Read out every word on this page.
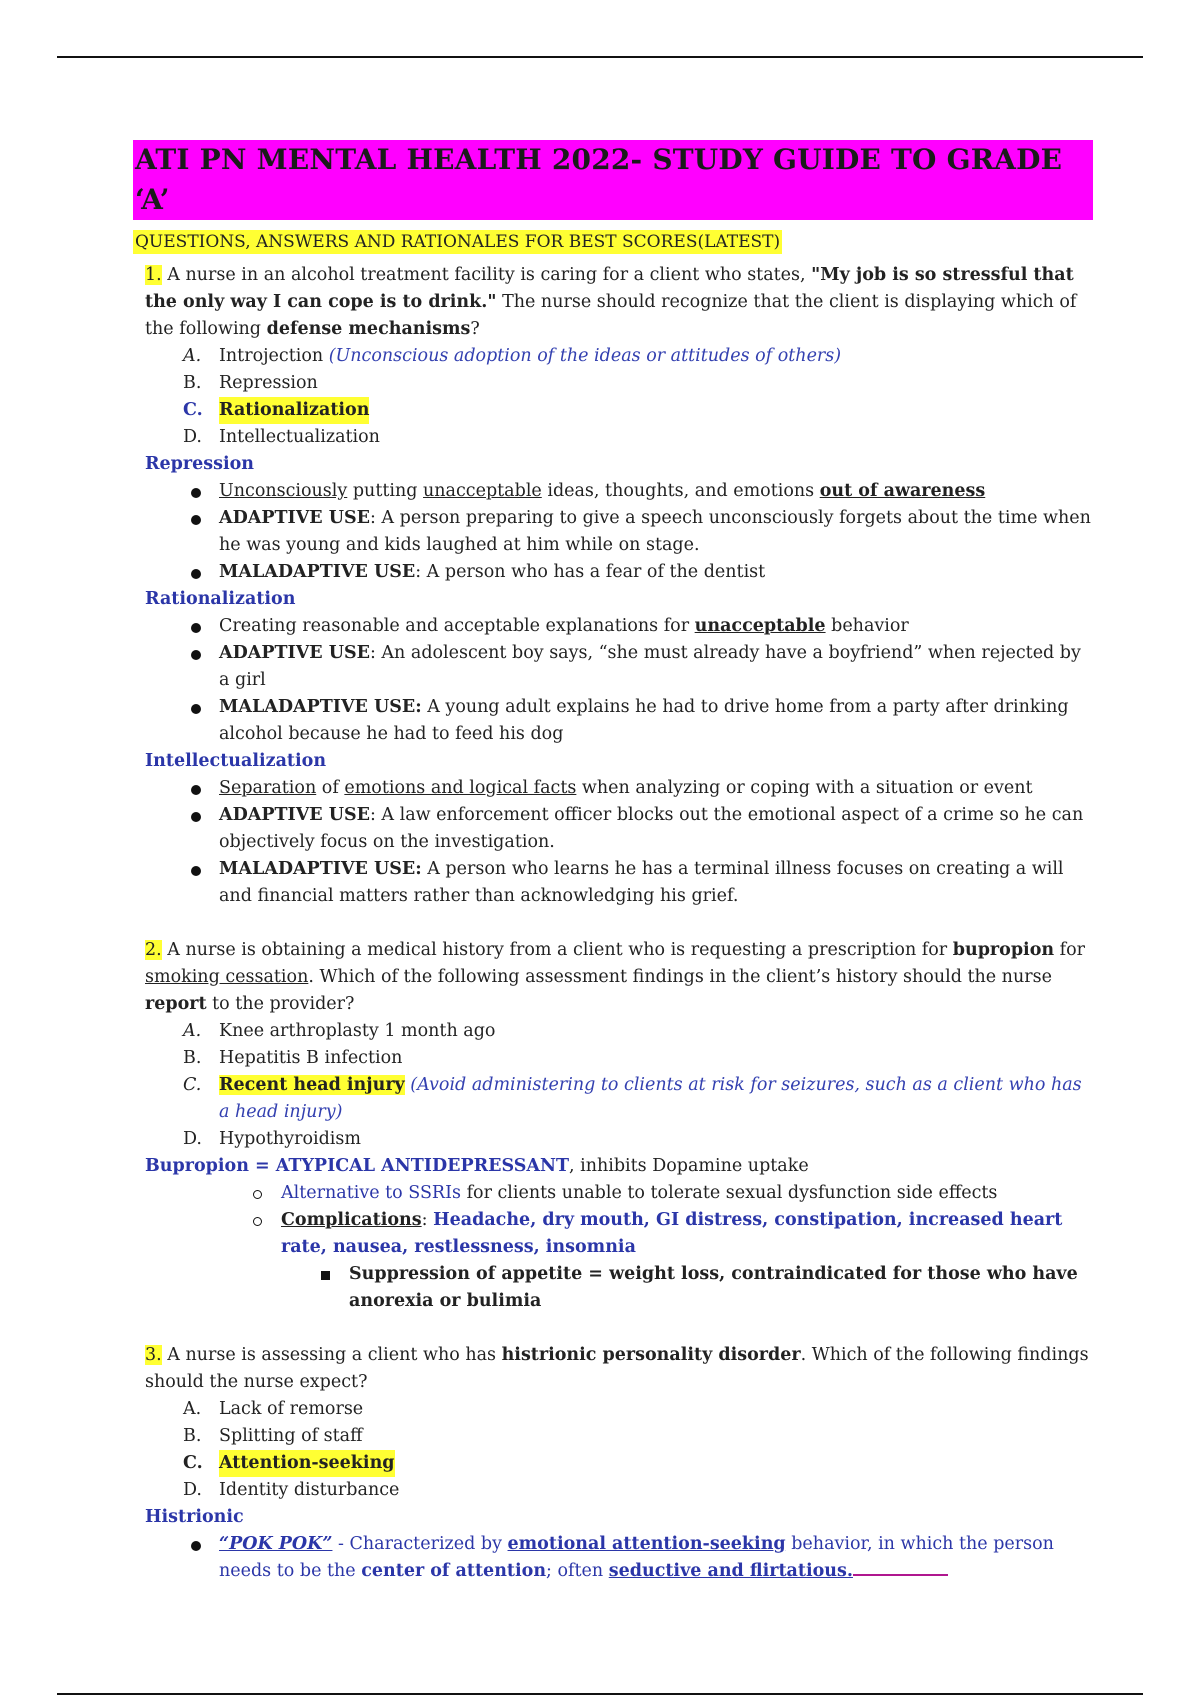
ATI PN MENTAL HEALTH 2022- STUDY GUIDE TO GRADE ‘A’
QUESTIONS, ANSWERS AND RATIONALES FOR BEST SCORES(LATEST)
1. A nurse in an alcohol treatment facility is caring for a client who states, "My job is so stressful that the only way I can cope is to drink." The nurse should recognize that the client is displaying which of the following defense mechanisms?
A.	Introjection (Unconscious adoption of the ideas or attitudes of others)
B.	Repression
C. Rationalization
D. Intellectualization
Repression
Unconsciously putting unacceptable ideas, thoughts, and emotions out of awareness
ADAPTIVE USE: A person preparing to give a speech unconsciously forgets about the time when he was young and kids laughed at him while on stage.
MALADAPTIVE USE: A person who has a fear of the dentist
Rationalization
Creating reasonable and acceptable explanations for unacceptable behavior
ADAPTIVE USE: An adolescent boy says, “she must already have a boyfriend” when rejected by a girl
MALADAPTIVE USE: A young adult explains he had to drive home from a party after drinking alcohol because he had to feed his dog
Intellectualization
Separation of emotions and logical facts when analyzing or coping with a situation or event
ADAPTIVE USE: A law enforcement officer blocks out the emotional aspect of a crime so he can objectively focus on the investigation.
MALADAPTIVE USE: A person who learns he has a terminal illness focuses on creating a will and financial matters rather than acknowledging his grief.
2. A nurse is obtaining a medical history from a client who is requesting a prescription for bupropion for smoking cessation. Which of the following assessment findings in the client’s history should the nurse report to the provider?
A.	Knee arthroplasty 1 month ago
B.	Hepatitis B infection
C.	Recent head injury (Avoid administering to clients at risk for seizures, such as a client who has a head injury)
D. Hypothyroidism
Bupropion = ATYPICAL ANTIDEPRESSANT, inhibits Dopamine uptake
Alternative to SSRIs for clients unable to tolerate sexual dysfunction side effects
Complications: Headache, dry mouth, GI distress, constipation, increased heart rate, nausea, restlessness, insomnia
Suppression of appetite = weight loss, contraindicated for those who have anorexia or bulimia
3. A nurse is assessing a client who has histrionic personality disorder. Which of the following findings should the nurse expect?
A.	Lack of remorse
B.	Splitting of staff
C. Attention-seeking
D. Identity disturbance
Histrionic
“POK POK” - Characterized by emotional attention-seeking behavior, in which the person needs to be the center of attention; often seductive and flirtatious.
